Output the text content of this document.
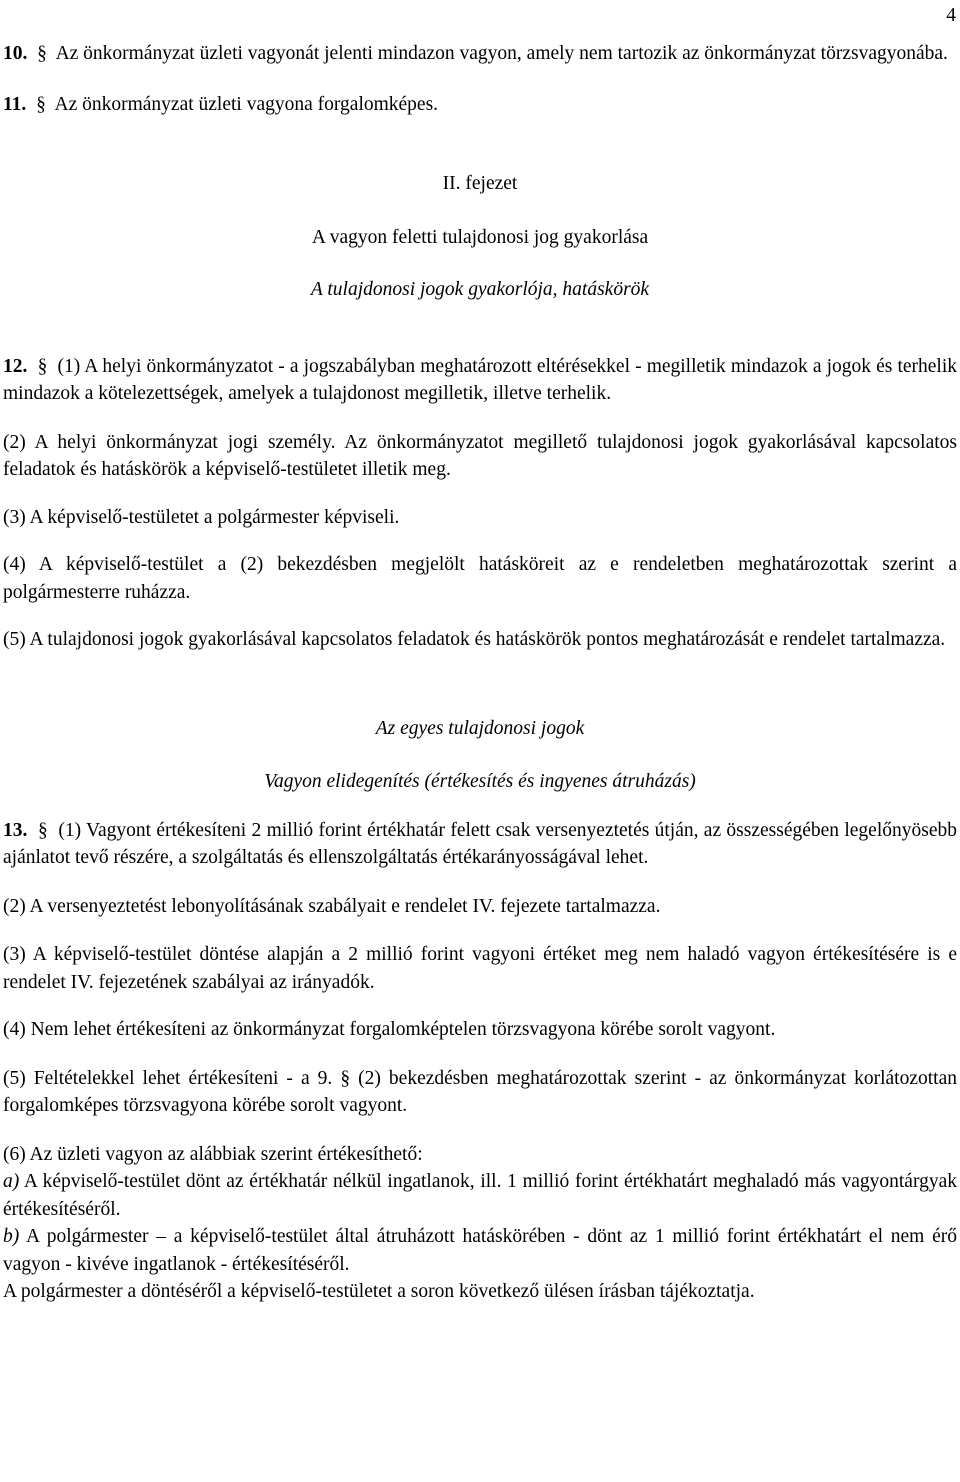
4

10. § Az önkormányzat üzleti vagyonát jelenti mindazon vagyon, amely nem tartozik az önkormányzat törzsvagyonába.

11. § Az önkormányzat üzleti vagyona forgalomképes.

II. fejezet

A vagyon feletti tulajdonosi jog gyakorlása

A tulajdonosi jogok gyakorlója, hatáskörök

12. § (1) A helyi önkormányzatot - a jogszabályban meghatározott eltérésekkel - megilletik mindazok a jogok és terhelik mindazok a kötelezettségek, amelyek a tulajdonost megilletik, illetve terhelik.

(2) A helyi önkormányzat jogi személy. Az önkormányzatot megillető tulajdonosi jogok gyakorlásával kapcsolatos feladatok és hatáskörök a képviselő-testületet illetik meg.

(3) A képviselő-testületet a polgármester képviseli.

(4) A képviselő-testület a (2) bekezdésben megjelölt hatásköreit az e rendeletben meghatározottak szerint a polgármesterre ruházza.

(5) A tulajdonosi jogok gyakorlásával kapcsolatos feladatok és hatáskörök pontos meghatározását e rendelet tartalmazza.

Az egyes tulajdonosi jogok

Vagyon elidegenítés (értékesítés és ingyenes átruházás)

13. § (1) Vagyont értékesíteni 2 millió forint értékhatár felett csak versenyeztetés útján, az összességében legelőnyösebb ajánlatot tevő részére, a szolgáltatás és ellenszolgáltatás értékarányosságával lehet.

(2) A versenyeztetést lebonyolításának szabályait e rendelet IV. fejezete tartalmazza.

(3) A képviselő-testület döntése alapján a 2 millió forint vagyoni értéket meg nem haladó vagyon értékesítésére is e rendelet IV. fejezetének szabályai az irányadók.

(4) Nem lehet értékesíteni az önkormányzat forgalomképtelen törzsvagyona körébe sorolt vagyont.

(5) Feltételekkel lehet értékesíteni - a 9. § (2) bekezdésben meghatározottak szerint - az önkormányzat korlátozottan forgalomképes törzsvagyona körébe sorolt vagyont.

(6) Az üzleti vagyon az alábbiak szerint értékesíthető:

a) A képviselő-testület dönt az értékhatár nélkül ingatlanok, ill. 1 millió forint értékhatárt meghaladó más vagyontárgyak értékesítéséről.

b) A polgármester – a képviselő-testület által átruházott hatáskörében - dönt az 1 millió forint értékhatárt el nem érő vagyon - kivéve ingatlanok - értékesítéséről.

A polgármester a döntéséről a képviselő-testületet a soron következő ülésen írásban tájékoztatja.
